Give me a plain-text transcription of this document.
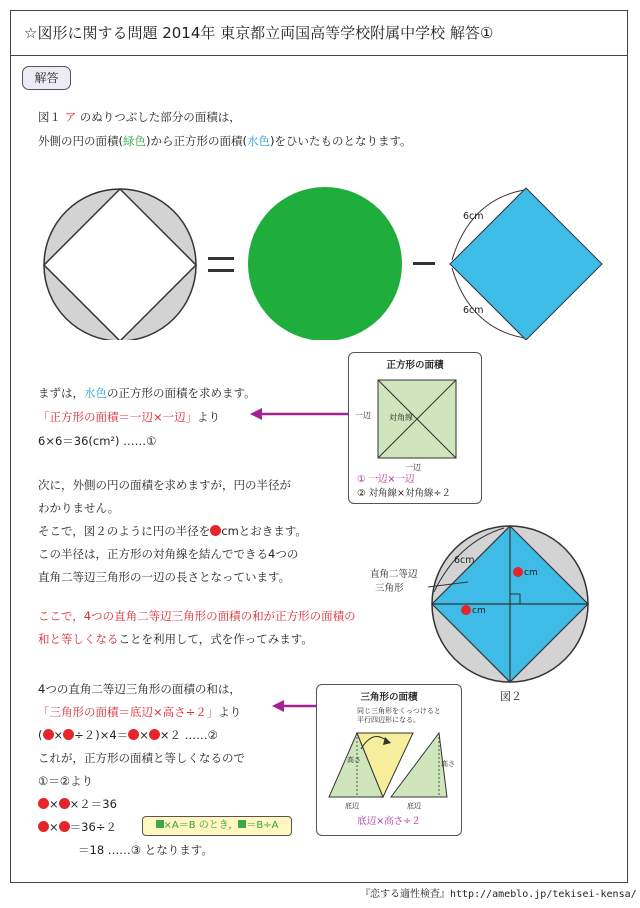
☆図形に関する問題 2014年 東京都立両国高等学校附属中学校 解答①
解答
図１ ア のぬりつぶした部分の面積は，
外側の円の面積(緑色)から正方形の面積(水色)をひいたものとなります。
6cm
6cm
まずは，水色の正方形の面積を求めます。
「正方形の面積＝一辺×一辺」より
6×6＝36(cm²) ……①
正方形の面積
一辺
一辺
対角線
① 一辺×一辺
② 対角線×対角線÷２
次に，外側の円の面積を求めますが，円の半径が
わかりません。
そこで，図２のように円の半径を cmとおきます。
この半径は，正方形の対角線を結んでできる4つの
直角二等辺三角形の一辺の長さとなっています。
ここで，4つの直角二等辺三角形の面積の和が正方形の面積の
和と等しくなることを利用して，式を作ってみます。
6cm
直角二等辺
三角形
cm
cm
図２
4つの直角二等辺三角形の面積の和は，
「三角形の面積＝底辺×高さ÷２」より
( × ÷２)×4＝ × ×２ ……②
これが，正方形の面積と等しくなるので
①＝②より
× ×２＝36
× ＝36÷２
＝18 ……③ となります。
×A＝B のとき， ＝B÷A
三角形の面積
同じ三角形をくっつけると
平行四辺形になる。
高さ
底辺
高さ
底辺
底辺×高さ÷２
『恋する適性検査』http://ameblo.jp/tekisei-kensa/
